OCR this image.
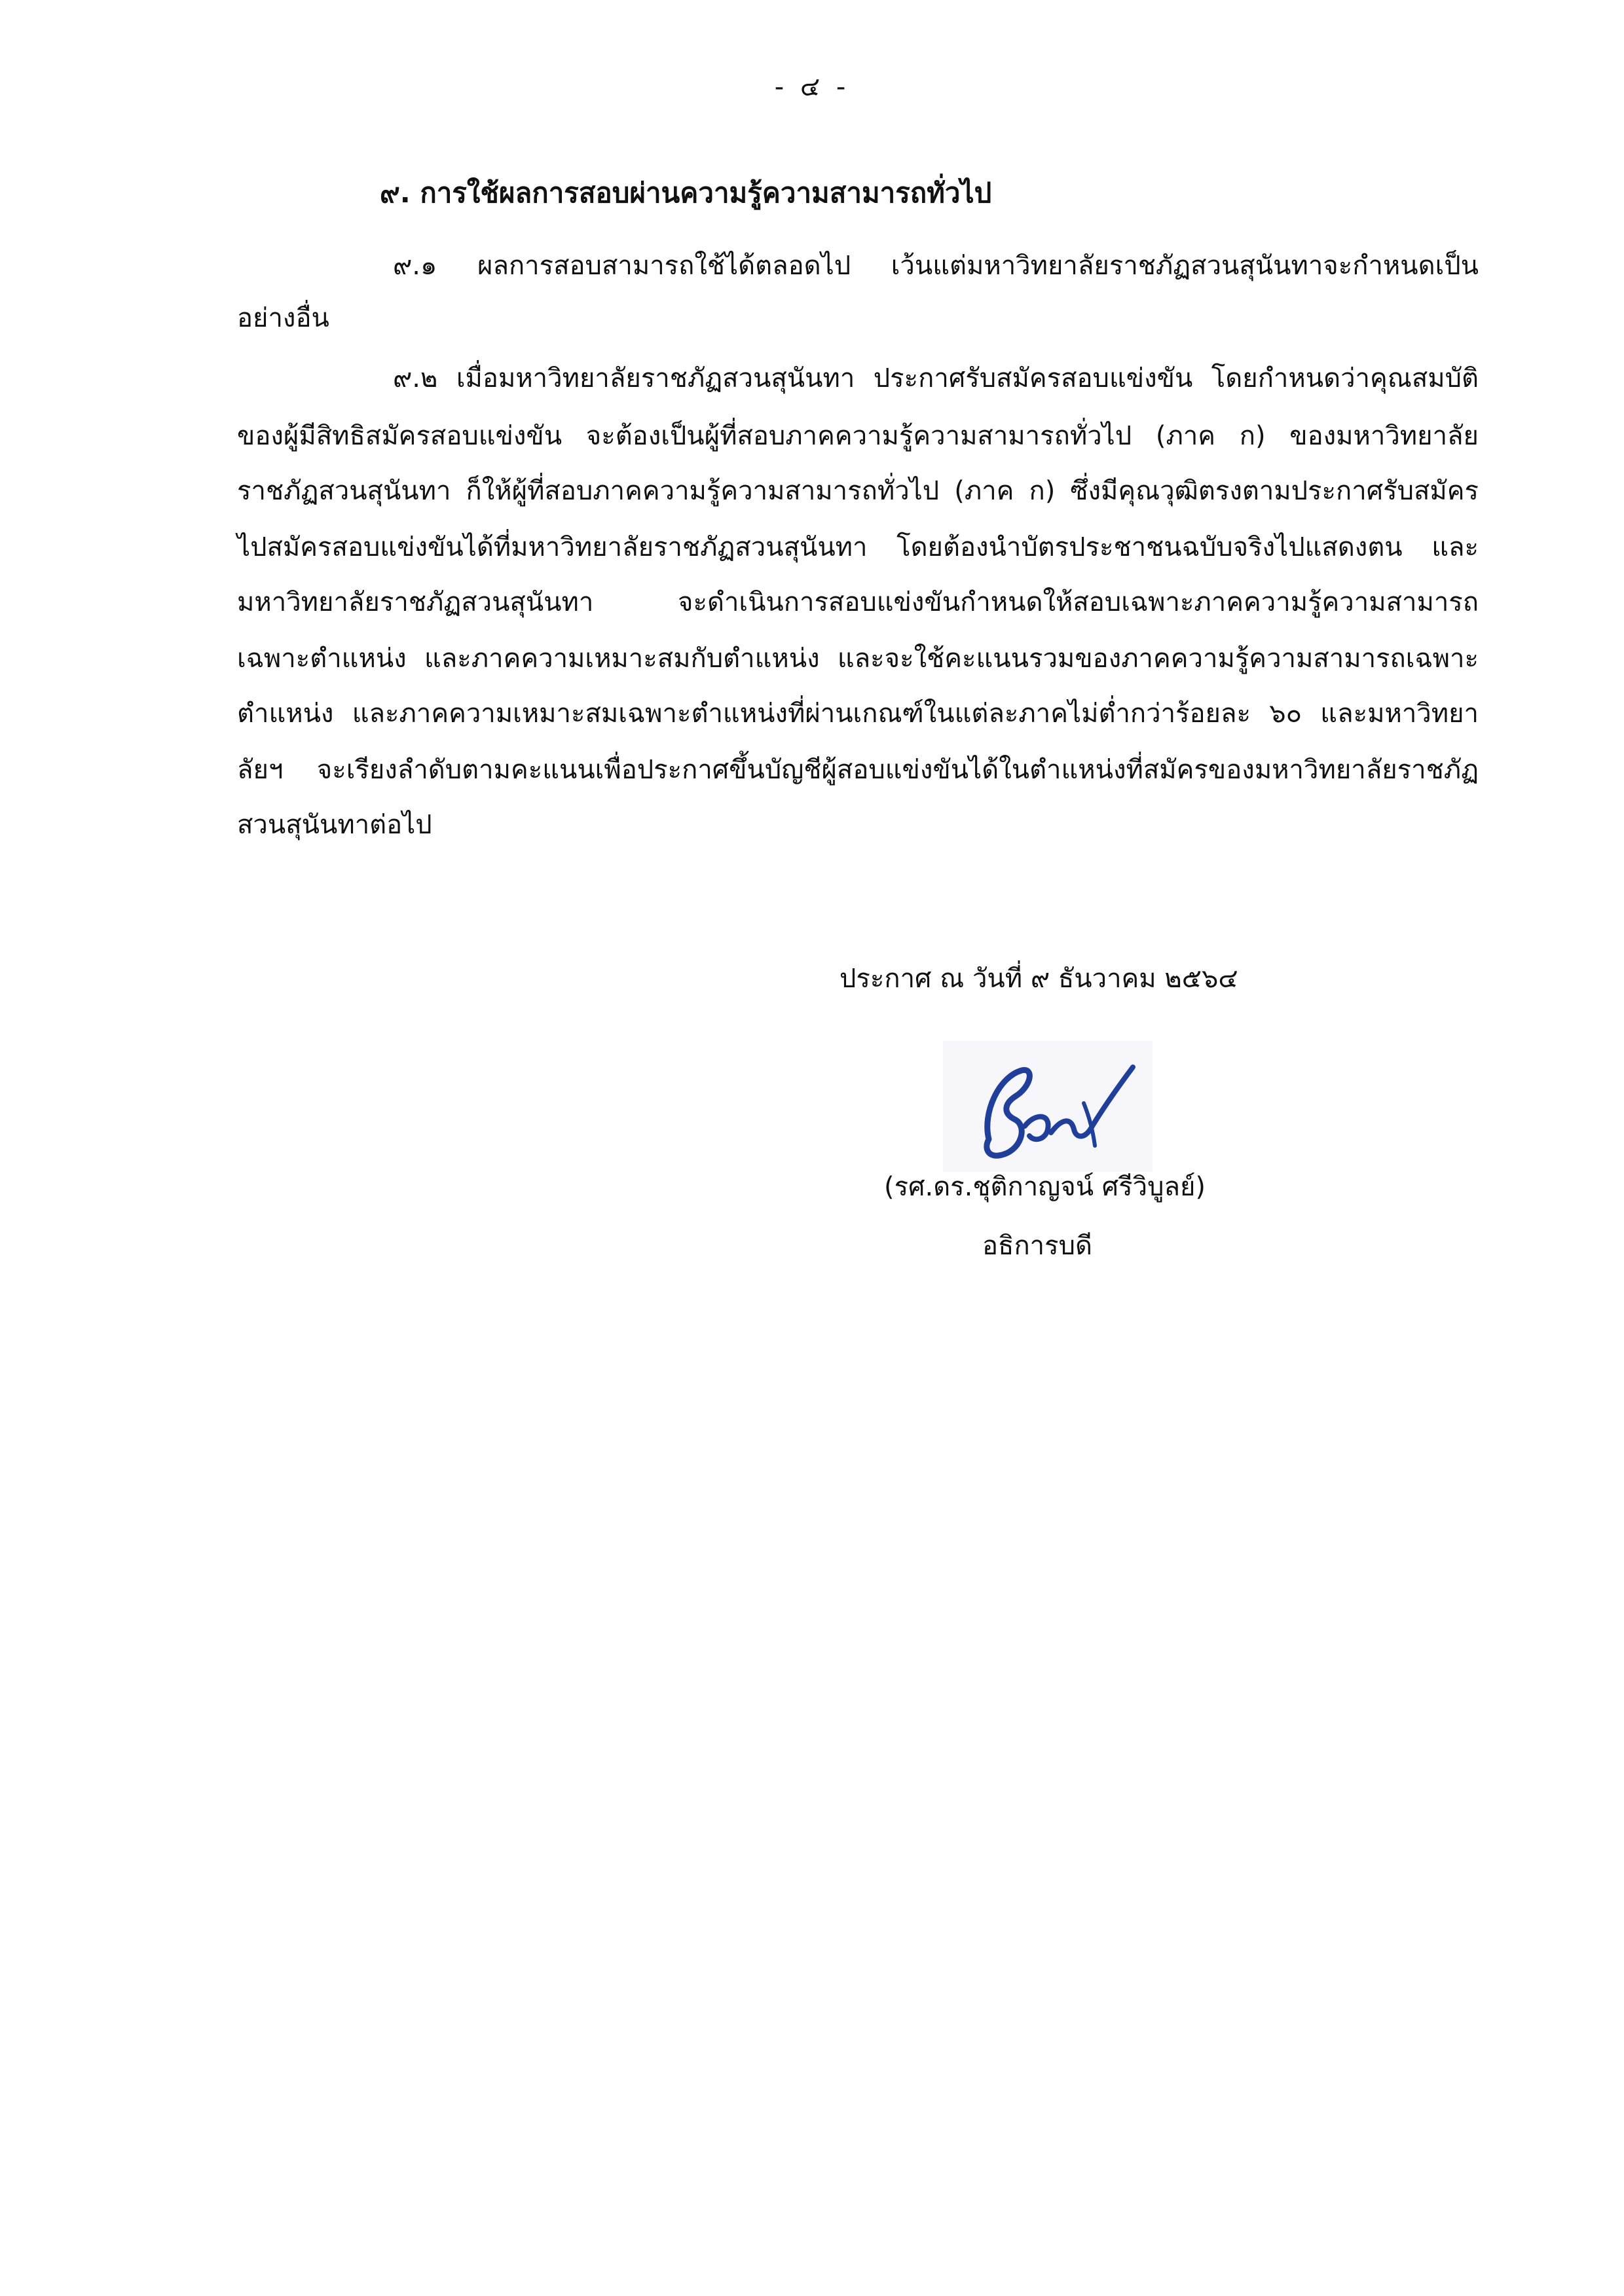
- ๔ -
๙. การใช้ผลการสอบผ่านความรู้ความสามารถทั่วไป
๙.๑ ผลการสอบสามารถใช้ได้ตลอดไป เว้นแต่มหาวิทยาลัยราชภัฏสวนสุนันทาจะกำหนดเป็น
อย่างอื่น
๙.๒ เมื่อมหาวิทยาลัยราชภัฏสวนสุนันทา ประกาศรับสมัครสอบแข่งขัน โดยกำหนดว่าคุณสมบัติ
ของผู้มีสิทธิสมัครสอบแข่งขัน จะต้องเป็นผู้ที่สอบภาคความรู้ความสามารถทั่วไป (ภาค ก) ของมหาวิทยาลัย
ราชภัฏสวนสุนันทา ก็ให้ผู้ที่สอบภาคความรู้ความสามารถทั่วไป (ภาค ก) ซึ่งมีคุณวุฒิตรงตามประกาศรับสมัคร
ไปสมัครสอบแข่งขันได้ที่มหาวิทยาลัยราชภัฏสวนสุนันทา โดยต้องนำบัตรประชาชนฉบับจริงไปแสดงตน และ
มหาวิทยาลัยราชภัฏสวนสุนันทา จะดำเนินการสอบแข่งขันกำหนดให้สอบเฉพาะภาคความรู้ความสามารถ
เฉพาะตำแหน่ง และภาคความเหมาะสมกับตำแหน่ง และจะใช้คะแนนรวมของภาคความรู้ความสามารถเฉพาะ
ตำแหน่ง และภาคความเหมาะสมเฉพาะตำแหน่งที่ผ่านเกณฑ์ในแต่ละภาคไม่ต่ำกว่าร้อยละ ๖๐ และมหาวิทยา
ลัยฯ จะเรียงลำดับตามคะแนนเพื่อประกาศขึ้นบัญชีผู้สอบแข่งขันได้ในตำแหน่งที่สมัครของมหาวิทยาลัยราชภัฏ
สวนสุนันทาต่อไป
ประกาศ ณ วันที่ ๙ ธันวาคม ๒๕๖๔
(รศ.ดร.ชุติกาญจน์ ศรีวิบูลย์)
อธิการบดี
